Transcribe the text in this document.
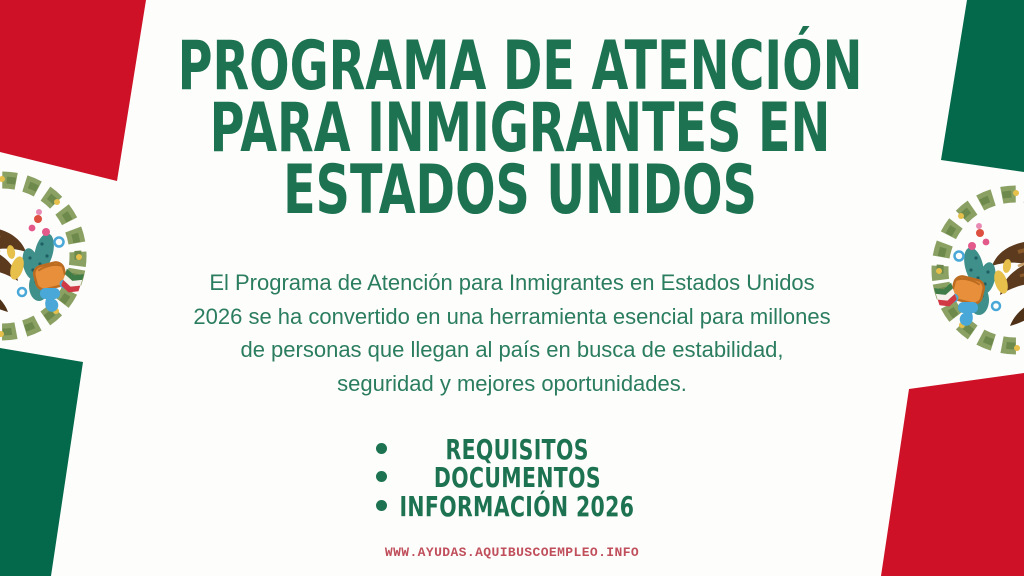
PROGRAMA DE ATENCIÓN
PARA INMIGRANTES EN
ESTADOS UNIDOS

El Programa de Atención para Inmigrantes en Estados Unidos 2026 se ha convertido en una herramienta esencial para millones de personas que llegan al país en busca de estabilidad, seguridad y mejores oportunidades.

REQUISITOS
DOCUMENTOS
INFORMACIÓN 2026
WWW.AYUDAS.AQUIBUSCOEMPLEO.INFO
